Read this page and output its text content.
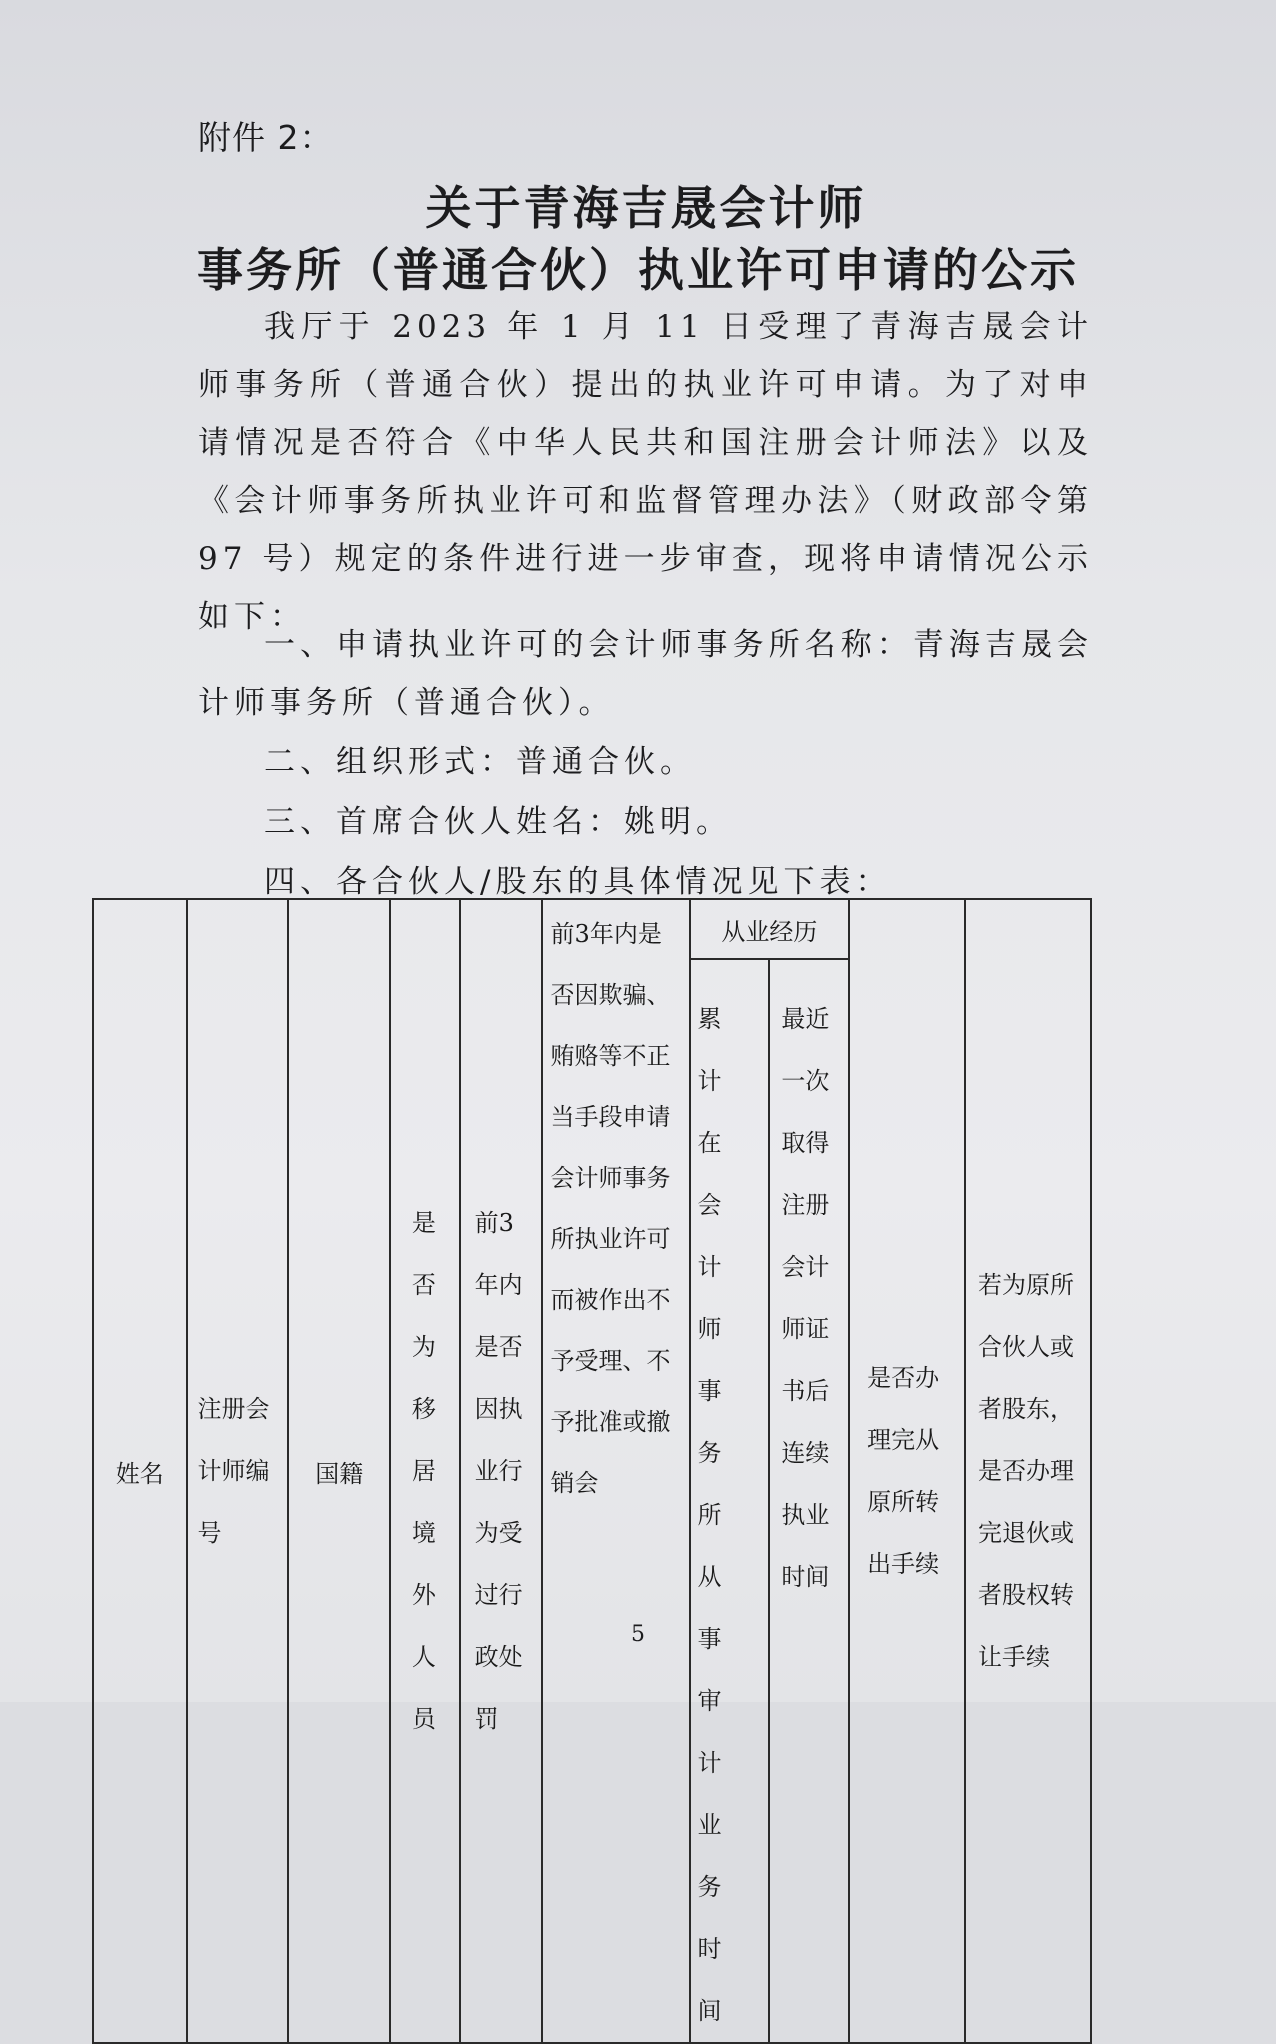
附件 2：
关于青海吉晟会计师
事务所（普通合伙）执业许可申请的公示
我厅于 2023 年 1 月 11 日受理了青海吉晟会计师事务所（普通合伙）提出的执业许可申请。为了对申请情况是否符合《中华人民共和国注册会计师法》以及《会计师事务所执业许可和监督管理办法》（财政部令第 97 号）规定的条件进行进一步审查，现将申请情况公示如下：
一、申请执业许可的会计师事务所名称：青海吉晟会计师事务所（普通合伙）。
二、组织形式：普通合伙。
三、首席合伙人姓名：姚明。
四、各合伙人/股东的具体情况见下表：
姓名	注册会计师编号	国籍	是否为移居境外人员	前3年内是否因执业行为受过行政处罚	前3年内是否因欺骗、贿赂等不正当手段申请会计师事务所执业许可而被作出不予受理、不予批准或撤销会	从业经历		是否办理完从原所转出手续	若为原所合伙人或者股东，是否办理完退伙或者股权转让手续
						累计在会计师事务所从事审计业务时间	最近一次取得注册会计师证书后连续执业时间		
5
